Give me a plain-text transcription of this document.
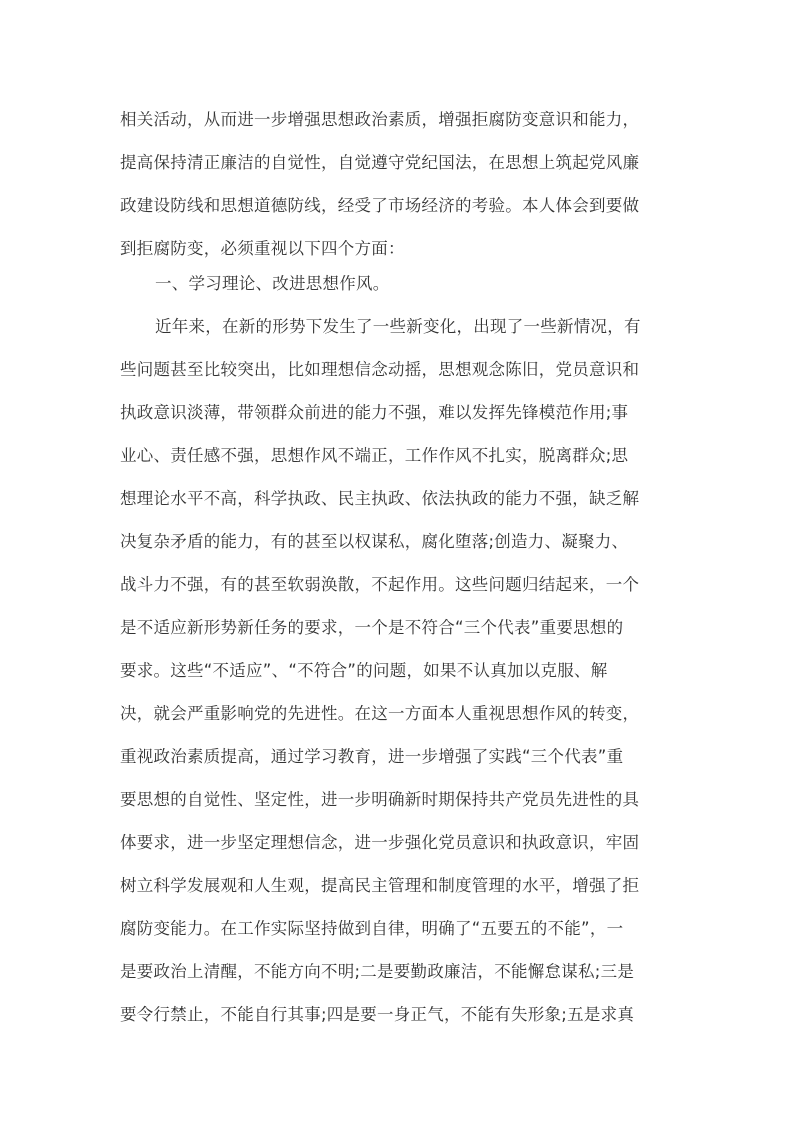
相关活动，从而进一步增强思想政治素质，增强拒腐防变意识和能力，
提高保持清正廉洁的自觉性，自觉遵守党纪国法，在思想上筑起党风廉
政建设防线和思想道德防线，经受了市场经济的考验。本人体会到要做
到拒腐防变，必须重视以下四个方面：
一、学习理论、改进思想作风。
近年来，在新的形势下发生了一些新变化，出现了一些新情况，有
些问题甚至比较突出，比如理想信念动摇，思想观念陈旧，党员意识和
执政意识淡薄，带领群众前进的能力不强，难以发挥先锋模范作用;事
业心、责任感不强，思想作风不端正，工作作风不扎实，脱离群众;思
想理论水平不高，科学执政、民主执政、依法执政的能力不强，缺乏解
决复杂矛盾的能力，有的甚至以权谋私，腐化堕落;创造力、凝聚力、
战斗力不强，有的甚至软弱涣散，不起作用。这些问题归结起来，一个
是不适应新形势新任务的要求，一个是不符合“三个代表”重要思想的
要求。这些“不适应”、“不符合”的问题，如果不认真加以克服、解
决，就会严重影响党的先进性。在这一方面本人重视思想作风的转变，
重视政治素质提高，通过学习教育，进一步增强了实践“三个代表”重
要思想的自觉性、坚定性，进一步明确新时期保持共产党员先进性的具
体要求，进一步坚定理想信念，进一步强化党员意识和执政意识，牢固
树立科学发展观和人生观，提高民主管理和制度管理的水平，增强了拒
腐防变能力。在工作实际坚持做到自律，明确了“五要五的不能”，一
是要政治上清醒，不能方向不明;二是要勤政廉洁，不能懈怠谋私;三是
要令行禁止，不能自行其事;四是要一身正气，不能有失形象;五是求真
